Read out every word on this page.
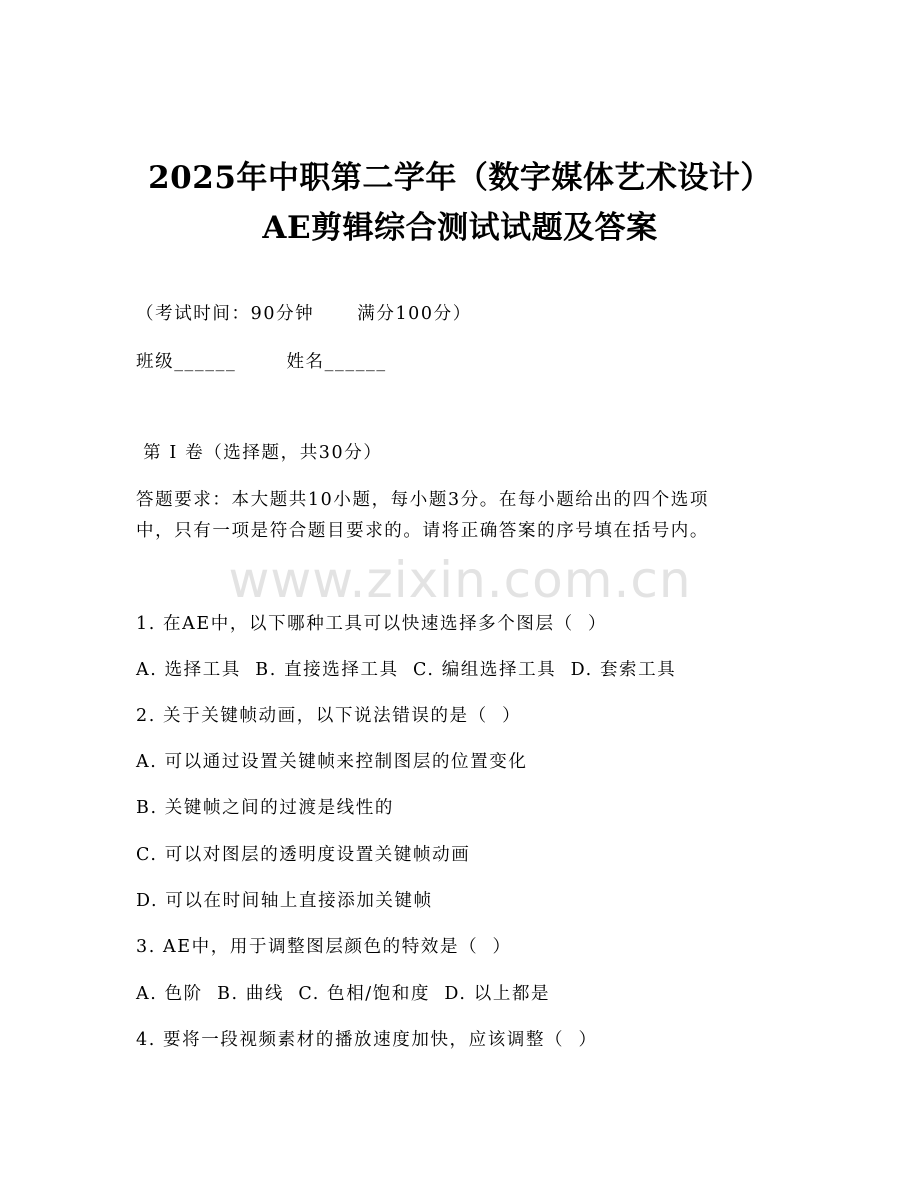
2025年中职第二学年（数字媒体艺术设计）
AE剪辑综合测试试题及答案
（考试时间：90分钟      满分100分）
班级______       姓名______
第 I 卷（选择题，共30分）
答题要求：本大题共10小题，每小题3分。在每小题给出的四个选项
中，只有一项是符合题目要求的。请将正确答案的序号填在括号内。
www.zixin.com.cn
1. 在AE中，以下哪种工具可以快速选择多个图层（  ）
A. 选择工具  B. 直接选择工具  C. 编组选择工具  D. 套索工具
2. 关于关键帧动画，以下说法错误的是（  ）
A. 可以通过设置关键帧来控制图层的位置变化
B. 关键帧之间的过渡是线性的
C. 可以对图层的透明度设置关键帧动画
D. 可以在时间轴上直接添加关键帧
3. AE中，用于调整图层颜色的特效是（  ）
A. 色阶  B. 曲线  C. 色相/饱和度  D. 以上都是
4. 要将一段视频素材的播放速度加快，应该调整（  ）
